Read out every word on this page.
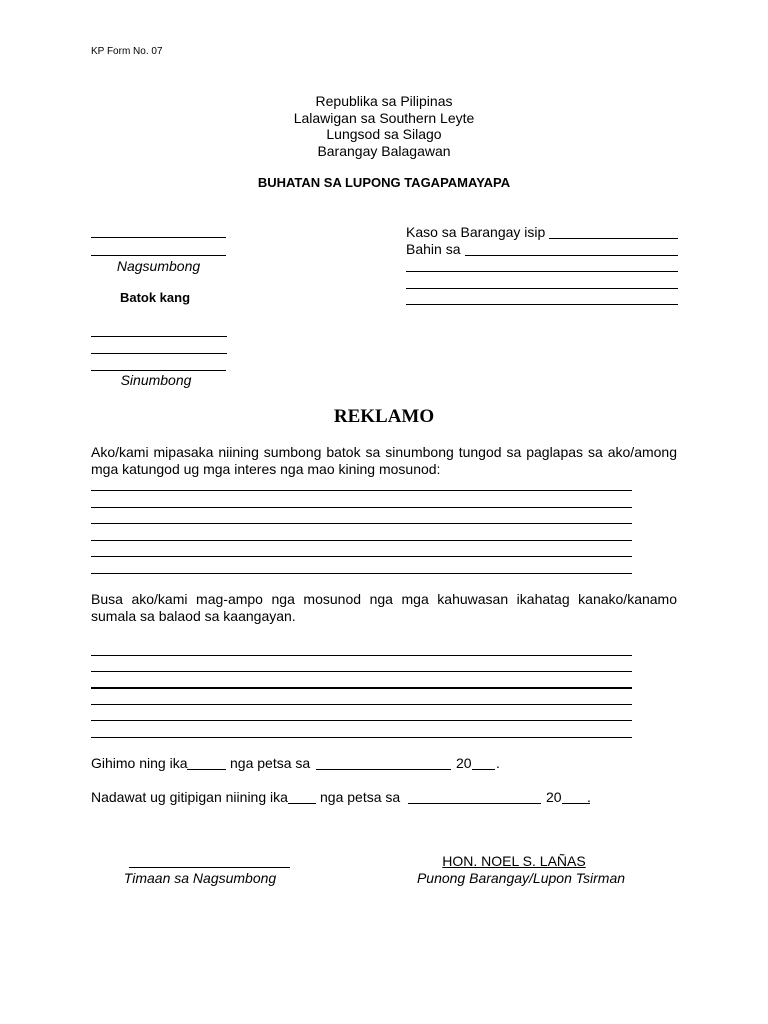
KP Form No. 07
Republika sa Pilipinas
Lalawigan sa Southern Leyte
Lungsod sa Silago
Barangay Balagawan
BUHATAN SA LUPONG TAGAPAMAYAPA
Nagsumbong
Batok kang
Sinumbong
Kaso sa Barangay isip
Bahin sa
REKLAMO
Ako/kami mipasaka niining sumbong batok sa sinumbong tungod sa paglapas sa ako/among mga katungod ug mga interes nga mao kining mosunod:
Busa ako/kami mag-ampo nga mosunod nga mga kahuwasan ikahatag kanako/kanamo sumala sa balaod sa kaangayan.
Gihimo ning ika	nga petsa sa	20 .
Nadawat ug gitipigan niining ika nga petsa sa	20 .
Timaan sa Nagsumbong
HON. NOEL S. LAÑAS
Punong Barangay/Lupon Tsirman
